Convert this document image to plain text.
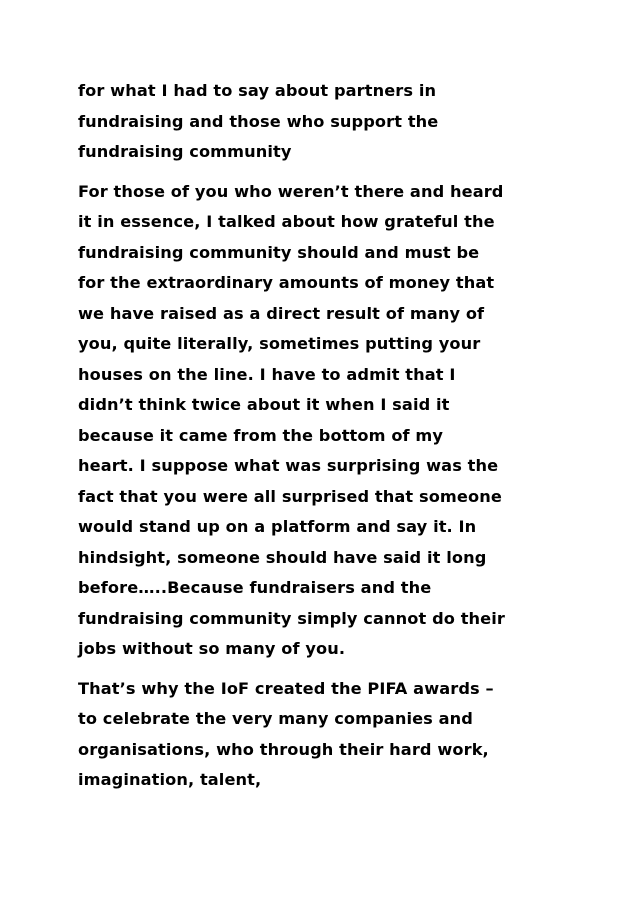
for what I had to say about partners in
fundraising and those who support the
fundraising community

For those of you who weren’t there and heard
it in essence, I talked about how grateful the
fundraising community should and must be
for the extraordinary amounts of money that
we have raised as a direct result of many of
you, quite literally, sometimes putting your
houses on the line. I have to admit that I
didn’t think twice about it when I said it
because it came from the bottom of my
heart. I suppose what was surprising was the
fact that you were all surprised that someone
would stand up on a platform and say it. In
hindsight, someone should have said it long
before…..Because fundraisers and the
fundraising community simply cannot do their
jobs without so many of you.

That’s why the IoF created the PIFA awards –
to celebrate the very many companies and
organisations, who through their hard work,
imagination, talent,
